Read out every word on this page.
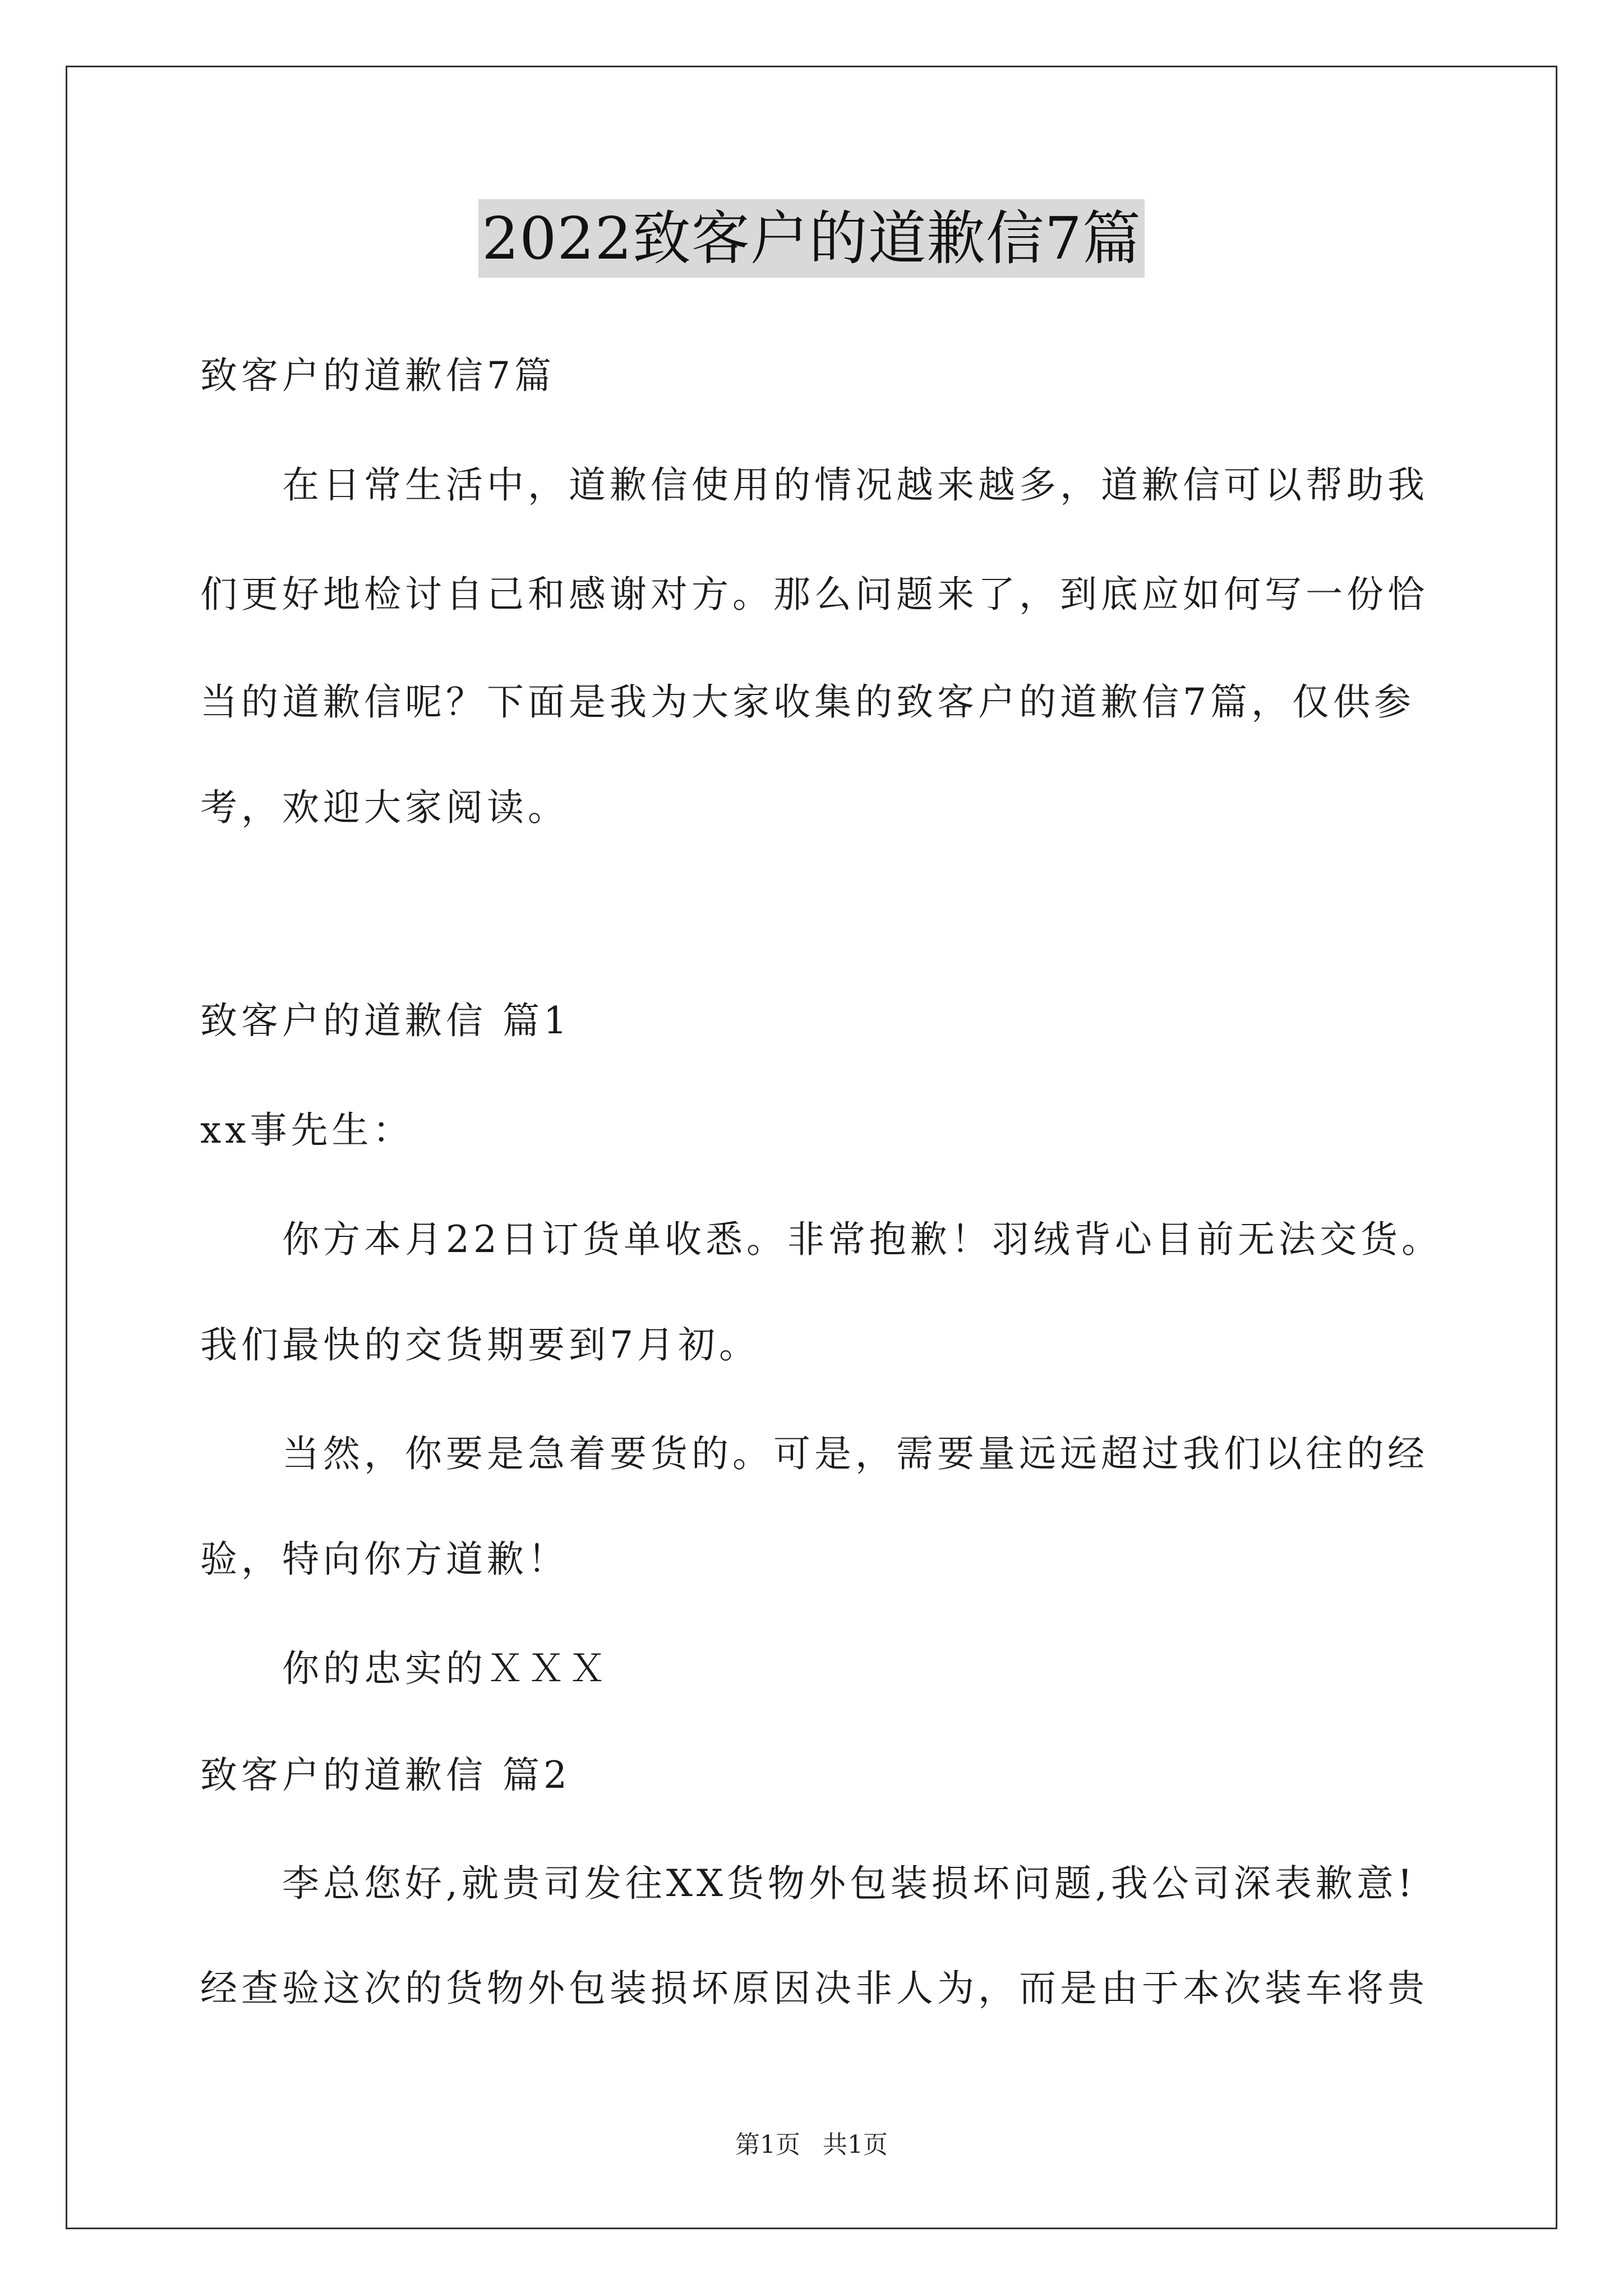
2022致客户的道歉信7篇
致客户的道歉信7篇
在日常生活中，道歉信使用的情况越来越多，道歉信可以帮助我
们更好地检讨自己和感谢对方。那么问题来了，到底应如何写一份恰
当的道歉信呢？下面是我为大家收集的致客户的道歉信7篇，仅供参
考，欢迎大家阅读。
致客户的道歉信 篇1
xx事先生：
你方本月22日订货单收悉。非常抱歉！羽绒背心目前无法交货。
我们最快的交货期要到7月初。
当然，你要是急着要货的。可是，需要量远远超过我们以往的经
验，特向你方道歉！
你的忠实的ＸＸＸ
致客户的道歉信 篇2
李总您好,就贵司发往XX货物外包装损坏问题,我公司深表歉意!
经查验这次的货物外包装损坏原因决非人为，而是由于本次装车将贵
第1页 共1页
